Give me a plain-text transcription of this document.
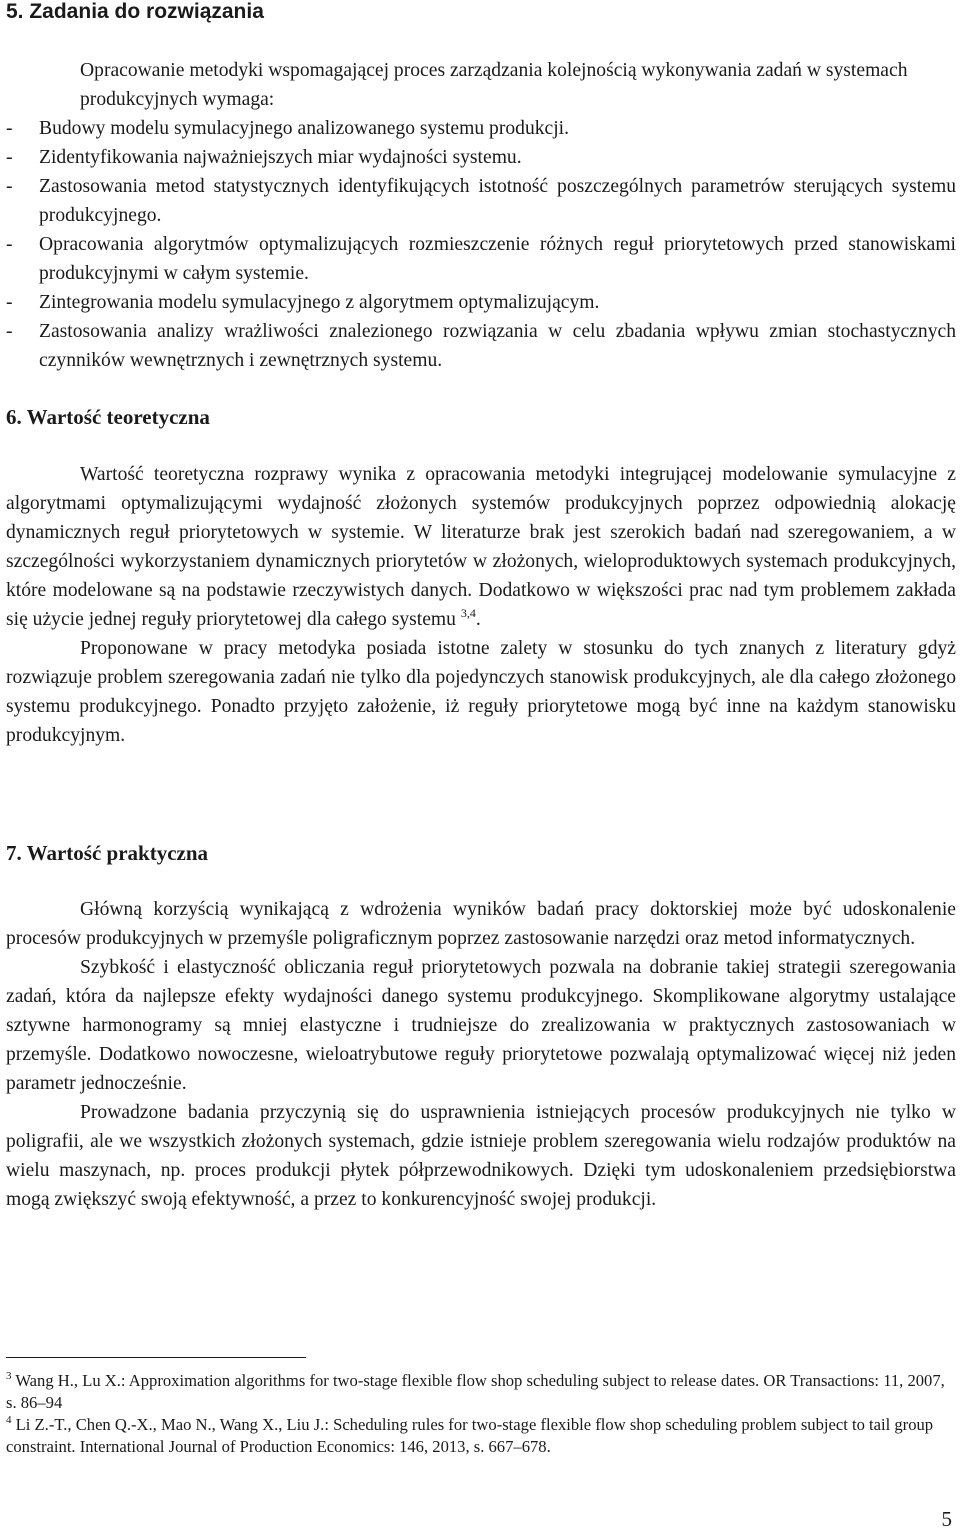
5. Zadania do rozwiązania

Opracowanie metodyki wspomagającej proces zarządzania kolejnością wykonywania zadań w systemach produkcyjnych wymaga:

-	Budowy modelu symulacyjnego analizowanego systemu produkcji.
-	Zidentyfikowania najważniejszych miar wydajności systemu.
-	Zastosowania metod statystycznych identyfikujących istotność poszczególnych parametrów sterujących systemu produkcyjnego.
-	Opracowania algorytmów optymalizujących rozmieszczenie różnych reguł priorytetowych przed stanowiskami produkcyjnymi w całym systemie.
-	Zintegrowania modelu symulacyjnego z algorytmem optymalizującym.
-	Zastosowania analizy wrażliwości znalezionego rozwiązania w celu zbadania wpływu zmian stochastycznych czynników wewnętrznych i zewnętrznych systemu.
6. Wartość teoretyczna

Wartość teoretyczna rozprawy wynika z opracowania metodyki integrującej modelowanie symulacyjne z algorytmami optymalizującymi wydajność złożonych systemów produkcyjnych poprzez odpowiednią alokację dynamicznych reguł priorytetowych w systemie. W literaturze brak jest szerokich badań nad szeregowaniem, a w szczególności wykorzystaniem dynamicznych priorytetów w złożonych, wieloproduktowych systemach produkcyjnych, które modelowane są na podstawie rzeczywistych danych. Dodatkowo w większości prac nad tym problemem zakłada się użycie jednej reguły priorytetowej dla całego systemu $^{3,4}$.

Proponowane w pracy metodyka posiada istotne zalety w stosunku do tych znanych z literatury gdyż rozwiązuje problem szeregowania zadań nie tylko dla pojedynczych stanowisk produkcyjnych, ale dla całego złożonego systemu produkcyjnego. Ponadto przyjęto założenie, iż reguły priorytetowe mogą być inne na każdym stanowisku produkcyjnym.

7. Wartość praktyczna

Główną korzyścią wynikającą z wdrożenia wyników badań pracy doktorskiej może być udoskonalenie procesów produkcyjnych w przemyśle poligraficznym poprzez zastosowanie narzędzi oraz metod informatycznych.

Szybkość i elastyczność obliczania reguł priorytetowych pozwala na dobranie takiej strategii szeregowania zadań, która da najlepsze efekty wydajności danego systemu produkcyjnego. Skomplikowane algorytmy ustalające sztywne harmonogramy są mniej elastyczne i trudniejsze do zrealizowania w praktycznych zastosowaniach w przemyśle. Dodatkowo nowoczesne, wieloatrybutowe reguły priorytetowe pozwalają optymalizować więcej niż jeden parametr jednocześnie.

Prowadzone badania przyczynią się do usprawnienia istniejących procesów produkcyjnych nie tylko w poligrafii, ale we wszystkich złożonych systemach, gdzie istnieje problem szeregowania wielu rodzajów produktów na wielu maszynach, np. proces produkcji płytek półprzewodnikowych. Dzięki tym udoskonaleniem przedsiębiorstwa mogą zwiększyć swoją efektywność, a przez to konkurencyjność swojej produkcji.

$^3$ Wang H., Lu X.: Approximation algorithms for two-stage flexible flow shop scheduling subject to release dates. OR Transactions: 11, 2007, s. 86–94

$^4$ Li Z.-T., Chen Q.-X., Mao N., Wang X., Liu J.: Scheduling rules for two-stage flexible flow shop scheduling problem subject to tail group constraint. International Journal of Production Economics: 146, 2013, s. 667–678.

5
